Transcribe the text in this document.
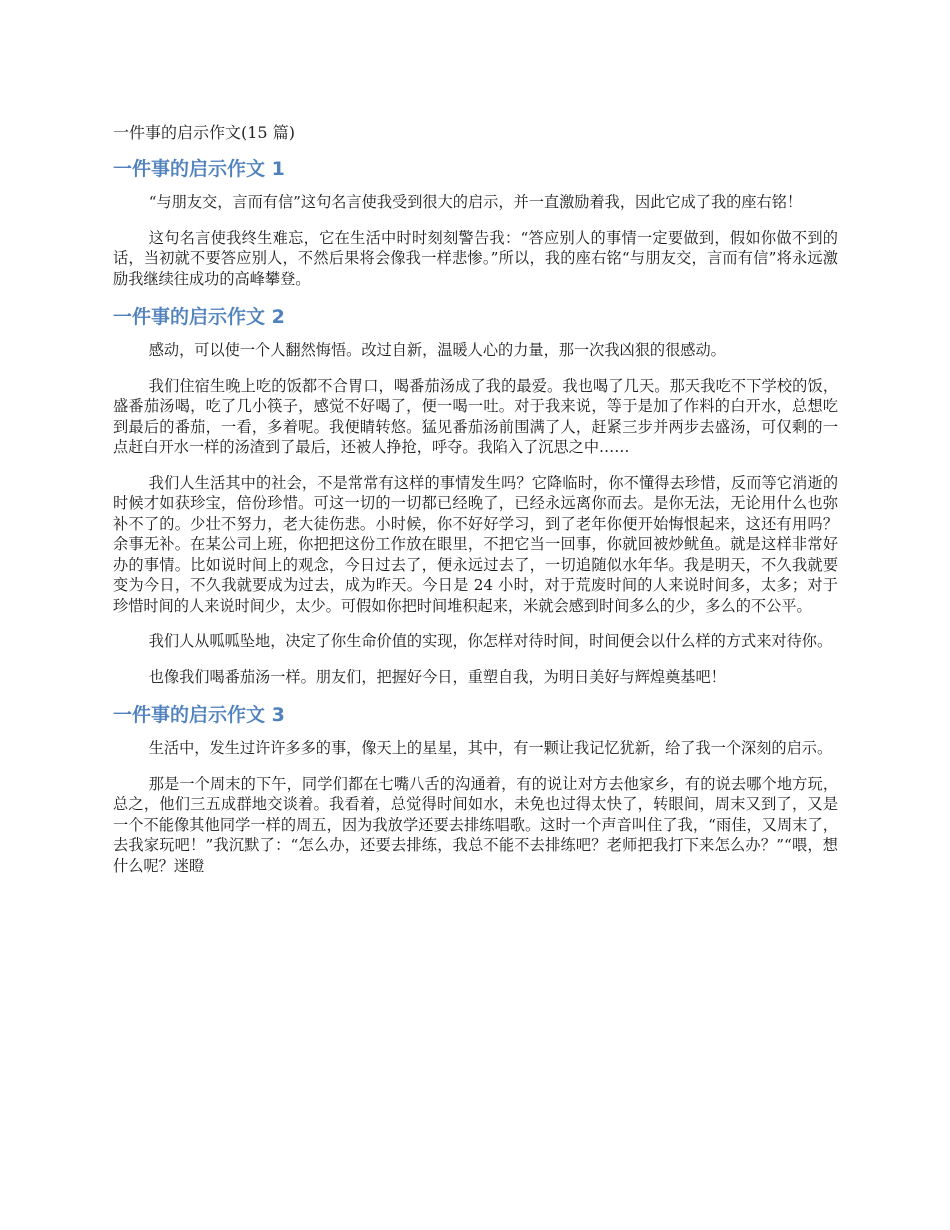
一件事的启示作文(15 篇)
一件事的启示作文 1

“与朋友交，言而有信”这句名言使我受到很大的启示，并一直激励着我，因此它成了我的座右铭！

这句名言使我终生难忘，它在生活中时时刻刻警告我：“答应别人的事情一定要做到，假如你做不到的话，当初就不要答应别人，不然后果将会像我一样悲惨。”所以，我的座右铭“与朋友交，言而有信”将永远激励我继续往成功的高峰攀登。

一件事的启示作文 2

感动，可以使一个人翻然悔悟。改过自新，温暖人心的力量，那一次我凶狠的很感动。

我们住宿生晚上吃的饭都不合胃口，喝番茄汤成了我的最爱。我也喝了几天。那天我吃不下学校的饭，盛番茄汤喝，吃了几小筷子，感觉不好喝了，便一喝一吐。对于我来说，等于是加了作料的白开水，总想吃到最后的番茄，一看，多着呢。我便睛转悠。猛见番茄汤前围满了人，赶紧三步并两步去盛汤，可仅剩的一点赶白开水一样的汤渣到了最后，还被人挣抢，呼夺。我陷入了沉思之中……

我们人生活其中的社会，不是常常有这样的事情发生吗？它降临时，你不懂得去珍惜，反而等它消逝的时候才如获珍宝，倍份珍惜。可这一切的一切都已经晚了，已经永远离你而去。是你无法，无论用什么也弥补不了的。少壮不努力，老大徒伤悲。小时候，你不好好学习，到了老年你便开始悔恨起来，这还有用吗？余事无补。在某公司上班，你把把这份工作放在眼里，不把它当一回事，你就回被炒鱿鱼。就是这样非常好办的事情。比如说时间上的观念，今日过去了，便永远过去了，一切追随似水年华。我是明天，不久我就要变为今日，不久我就要成为过去，成为昨天。今日是 24 小时，对于荒废时间的人来说时间多，太多；对于珍惜时间的人来说时间少，太少。可假如你把时间堆积起来，米就会感到时间多么的少，多么的不公平。

我们人从呱呱坠地，决定了你生命价值的实现，你怎样对待时间，时间便会以什么样的方式来对待你。

也像我们喝番茄汤一样。朋友们，把握好今日，重塑自我，为明日美好与辉煌奠基吧！

一件事的启示作文 3

生活中，发生过许许多多的事，像天上的星星，其中，有一颗让我记忆犹新，给了我一个深刻的启示。

那是一个周末的下午，同学们都在七嘴八舌的沟通着，有的说让对方去他家乡，有的说去哪个地方玩，总之，他们三五成群地交谈着。我看着，总觉得时间如水，未免也过得太快了，转眼间，周末又到了，又是一个不能像其他同学一样的周五，因为我放学还要去排练唱歌。这时一个声音叫住了我，“雨佳，又周末了，去我家玩吧！”我沉默了：“怎么办，还要去排练，我总不能不去排练吧？老师把我打下来怎么办？”“喂，想什么呢？迷瞪
